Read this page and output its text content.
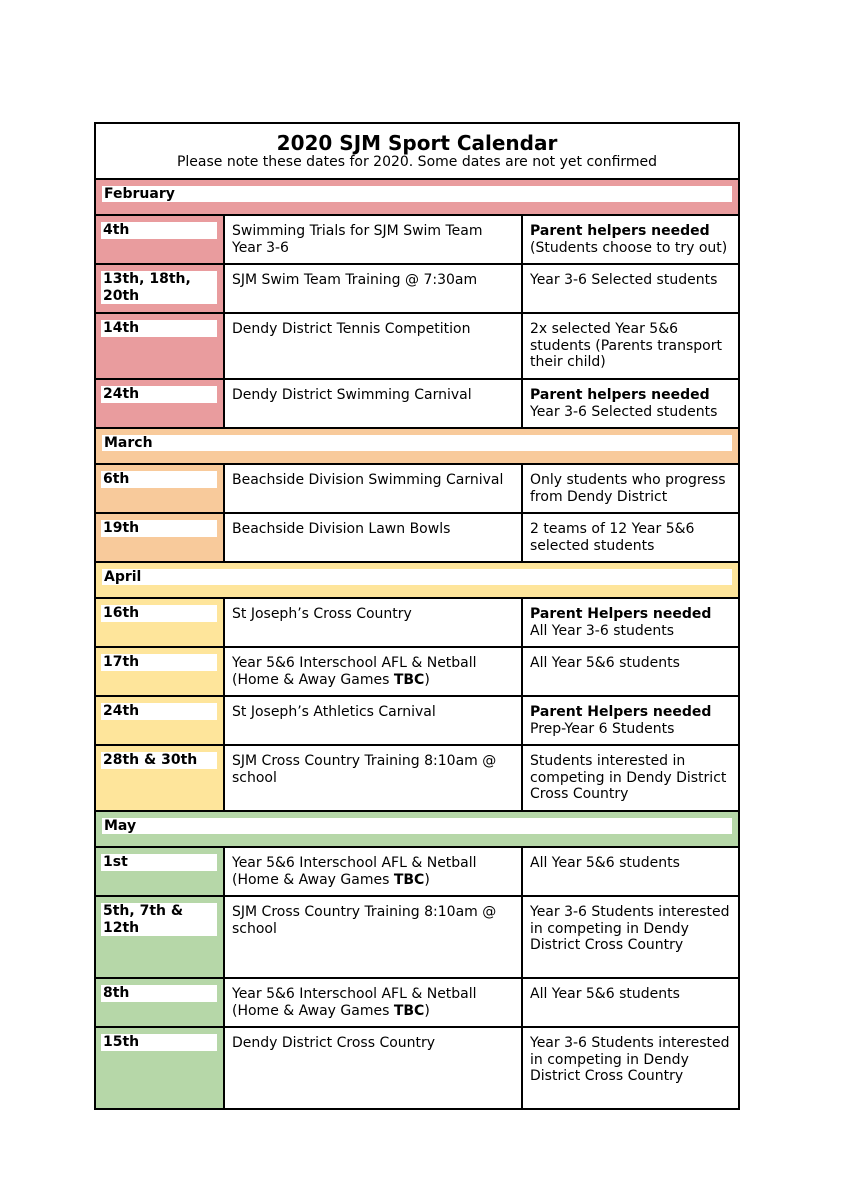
2020 SJM Sport Calendar
Please note these dates for 2020. Some dates are not yet confirmed		

February		

4th	Swimming Trials for SJM Swim Team Year 3-6	Parent helpers needed
(Students choose to try out)

13th, 18th, 20th	SJM Swim Team Training @ 7:30am	Year 3-6 Selected students

14th	Dendy District Tennis Competition	2x selected Year 5&6 students (Parents transport their child)

24th	Dendy District Swimming Carnival	Parent helpers needed
Year 3-6 Selected students

March		

6th	Beachside Division Swimming Carnival	Only students who progress from Dendy District

19th	Beachside Division Lawn Bowls	2 teams of 12 Year 5&6 selected students

April		

16th	St Joseph’s Cross Country	Parent Helpers needed
All Year 3-6 students

17th	Year 5&6 Interschool AFL & Netball (Home & Away Games TBC)	All Year 5&6 students

24th	St Joseph’s Athletics Carnival	Parent Helpers needed
Prep-Year 6 Students

28th & 30th	SJM Cross Country Training 8:10am @ school	Students interested in competing in Dendy District Cross Country

May		

1st	Year 5&6 Interschool AFL & Netball (Home & Away Games TBC)	All Year 5&6 students

5th, 7th & 12th	SJM Cross Country Training 8:10am @ school	Year 3-6 Students interested in competing in Dendy District Cross Country

8th	Year 5&6 Interschool AFL & Netball (Home & Away Games TBC)	All Year 5&6 students

15th	Dendy District Cross Country	Year 3-6 Students interested in competing in Dendy District Cross Country
